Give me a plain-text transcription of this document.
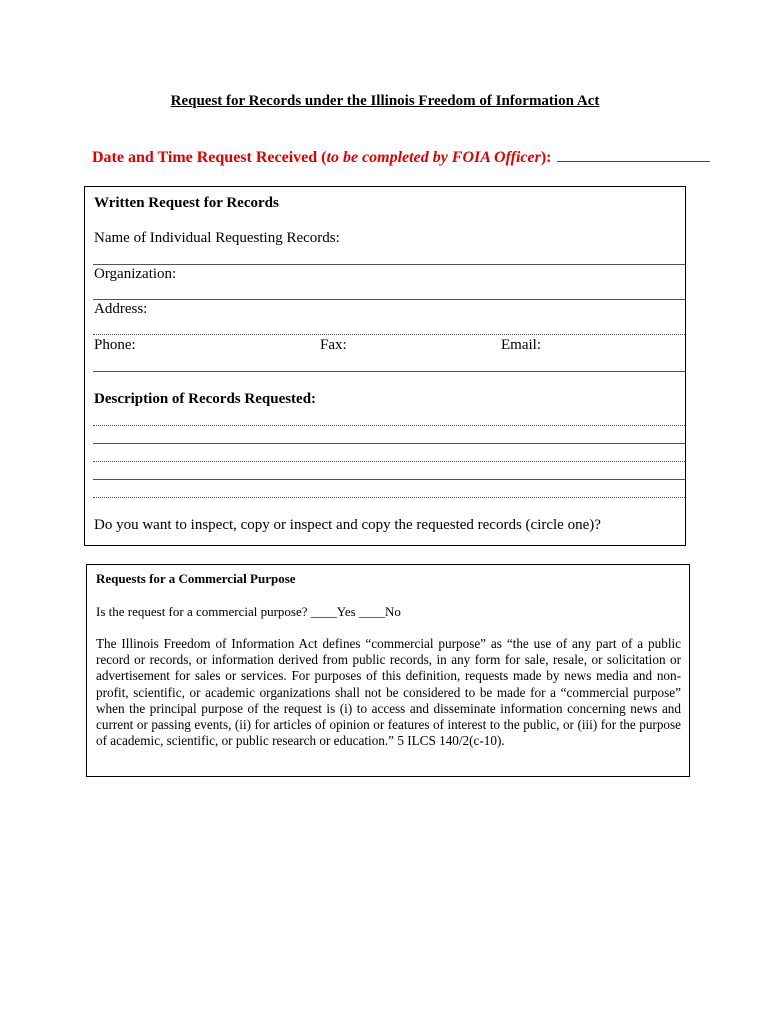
Request for Records under the Illinois Freedom of Information Act
Date and Time Request Received (to be completed by FOIA Officer):
Written Request for Records
Name of Individual Requesting Records:
Organization:
Address:
Phone:	Fax:	Email:
Description of Records Requested:
Do you want to inspect, copy or inspect and copy the requested records (circle one)?
Requests for a Commercial Purpose
Is the request for a commercial purpose? ____Yes ____No
The Illinois Freedom of Information Act defines “commercial purpose” as “the use of any part of a public record or records, or information derived from public records, in any form for sale, resale, or solicitation or advertisement for sales or services. For purposes of this definition, requests made by news media and non-profit, scientific, or academic organizations shall not be considered to be made for a “commercial purpose” when the principal purpose of the request is (i) to access and disseminate information concerning news and current or passing events, (ii) for articles of opinion or features of interest to the public, or (iii) for the purpose of academic, scientific, or public research or education.” 5 ILCS 140/2(c-10).
